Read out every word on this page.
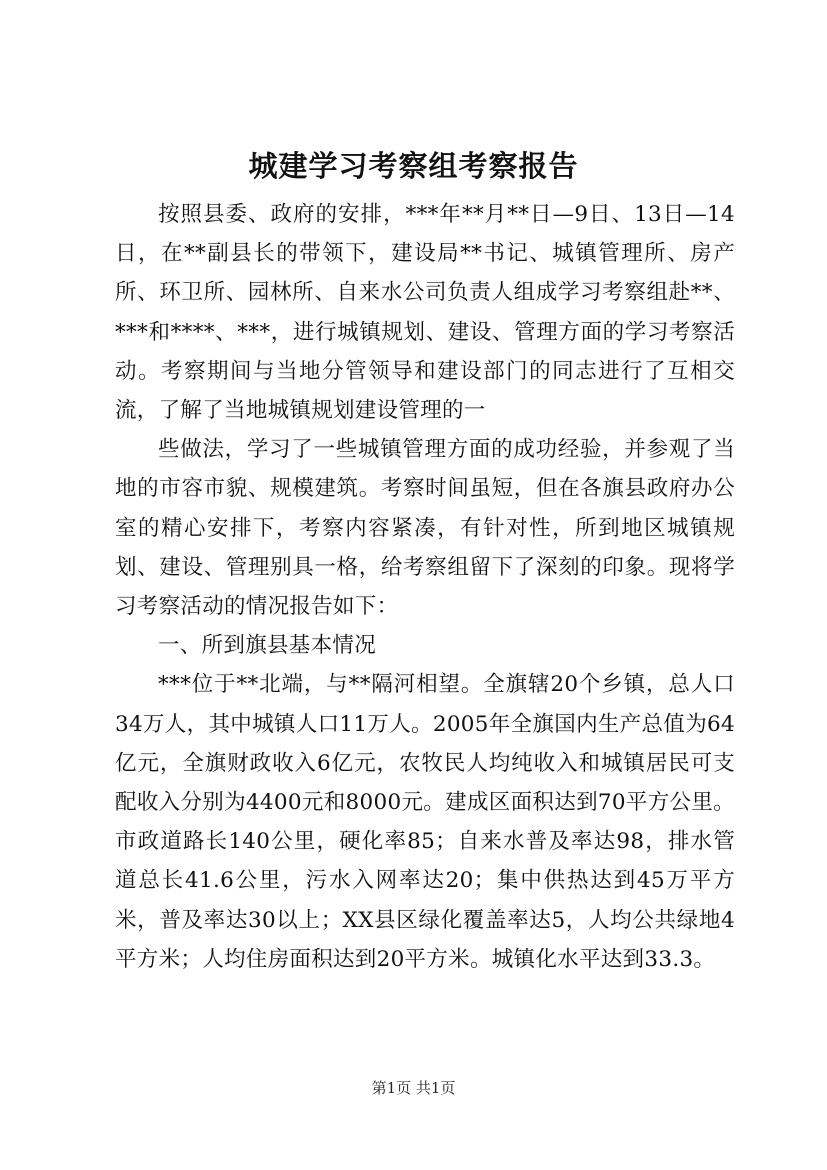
城建学习考察组考察报告

按照县委、政府的安排，***年**月**日—9日、13日—14日，在**副县长的带领下，建设局**书记、城镇管理所、房产所、环卫所、园林所、自来水公司负责人组成学习考察组赴**、***和****、***，进行城镇规划、建设、管理方面的学习考察活动。考察期间与当地分管领导和建设部门的同志进行了互相交流，了解了当地城镇规划建设管理的一

些做法，学习了一些城镇管理方面的成功经验，并参观了当地的市容市貌、规模建筑。考察时间虽短，但在各旗县政府办公室的精心安排下，考察内容紧凑，有针对性，所到地区城镇规划、建设、管理别具一格，给考察组留下了深刻的印象。现将学习考察活动的情况报告如下：

一、所到旗县基本情况

***位于**北端，与**隔河相望。全旗辖20个乡镇，总人口34万人，其中城镇人口11万人。2005年全旗国内生产总值为64亿元，全旗财政收入6亿元，农牧民人均纯收入和城镇居民可支配收入分别为4400元和8000元。建成区面积达到70平方公里。市政道路长140公里，硬化率85；自来水普及率达98，排水管道总长41.6公里，污水入网率达20；集中供热达到45万平方米，普及率达30以上；XX县区绿化覆盖率达5，人均公共绿地4平方米；人均住房面积达到20平方米。城镇化水平达到33.3。

第1页 共1页
